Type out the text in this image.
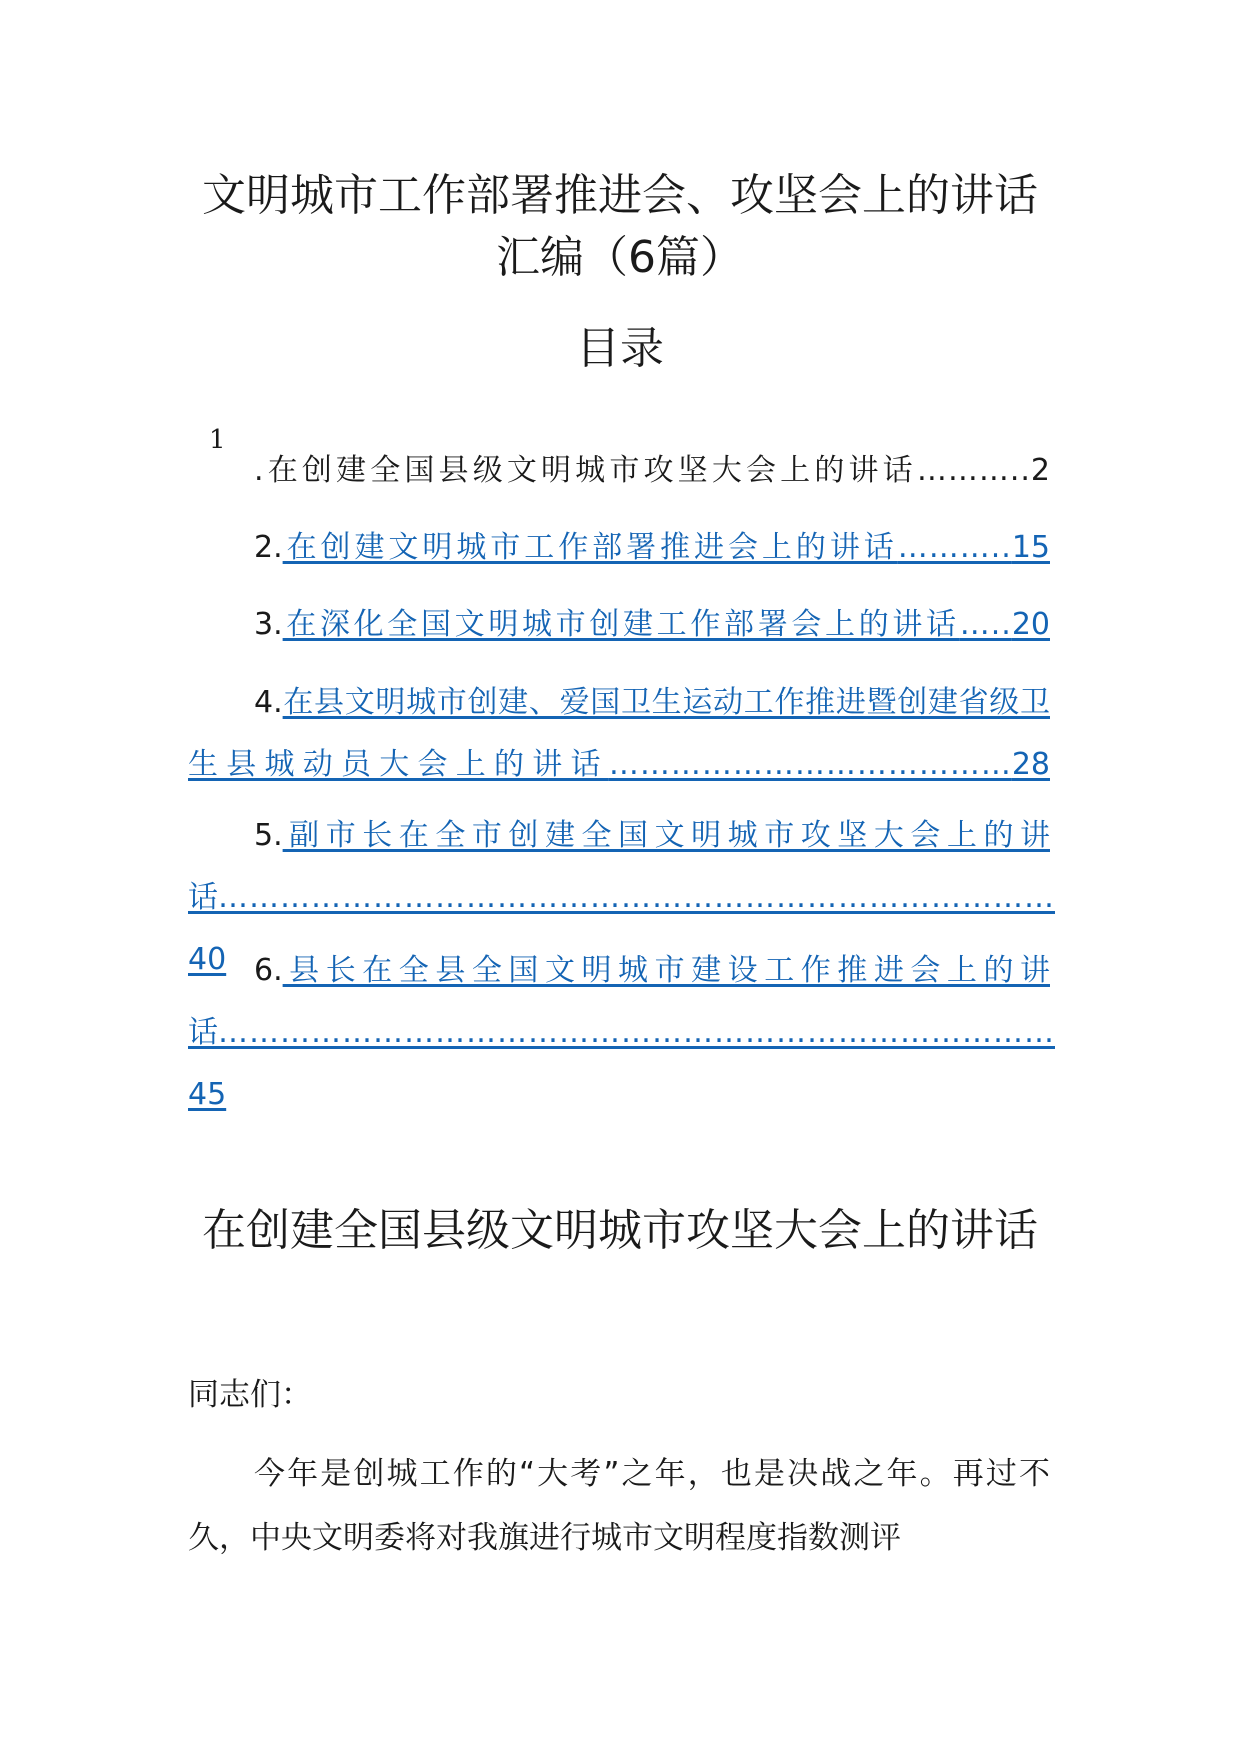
文明城市工作部署推进会、攻坚会上的讲话汇编（6篇）
目录
1
.在创建全国县级文明城市攻坚大会上的讲话………..2
2.在创建文明城市工作部署推进会上的讲话………..15
3.在深化全国文明城市创建工作部署会上的讲话…..20
4.在县文明城市创建、爱国卫生运动工作推进暨创建省级卫生县城动员大会上的讲话…………………………………28
5.副市长在全市创建全国文明城市攻坚大会上的讲话………………………………………………………………………40 6.县长在全县全国文明城市建设工作推进会上的讲话………………………………………………………………………45
在创建全国县级文明城市攻坚大会上的讲话

同志们：

今年是创城工作的“大考”之年，也是决战之年。再过不久，中央文明委将对我旗进行城市文明程度指数测评
